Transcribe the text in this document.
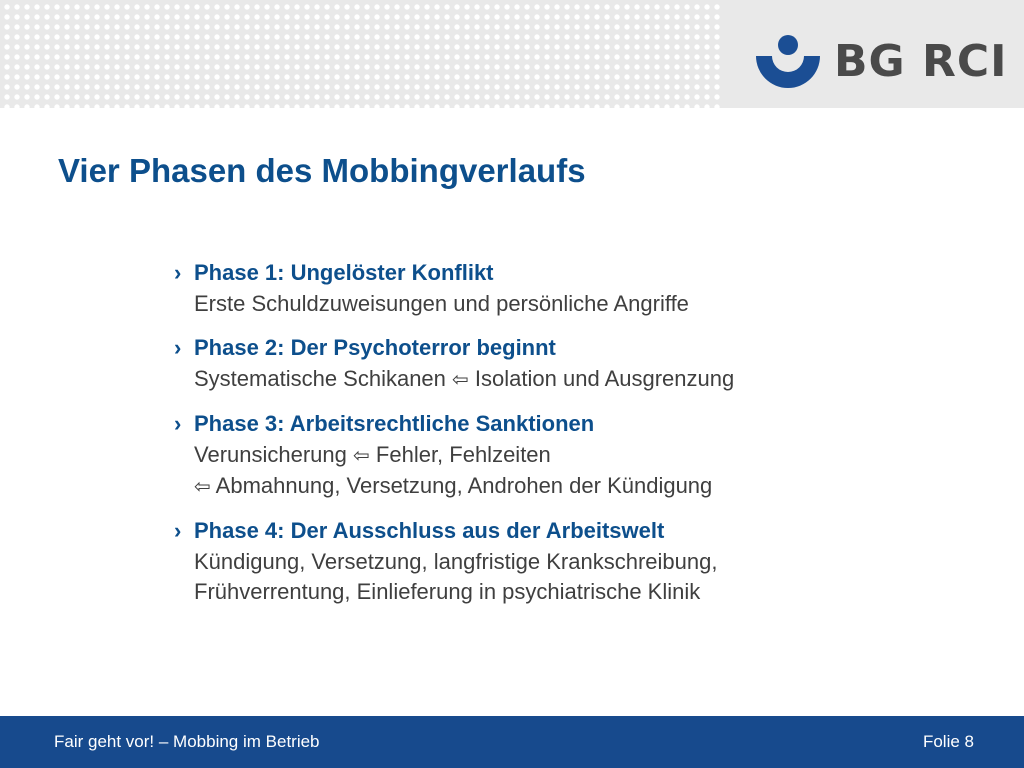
BG RCI
Vier Phasen des Mobbingverlaufs
› Phase 1: Ungelöster Konflikt
Erste Schuldzuweisungen und persönliche Angriffe
› Phase 2: Der Psychoterror beginnt
Systematische Schikanen ⇦ Isolation und Ausgrenzung
› Phase 3: Arbeitsrechtliche Sanktionen
Verunsicherung ⇦ Fehler, Fehlzeiten
⇦ Abmahnung, Versetzung, Androhen der Kündigung
› Phase 4: Der Ausschluss aus der Arbeitswelt
Kündigung, Versetzung, langfristige Krankschreibung,
Frühverrentung, Einlieferung in psychiatrische Klinik
Fair geht vor! – Mobbing im Betrieb	Folie 8
